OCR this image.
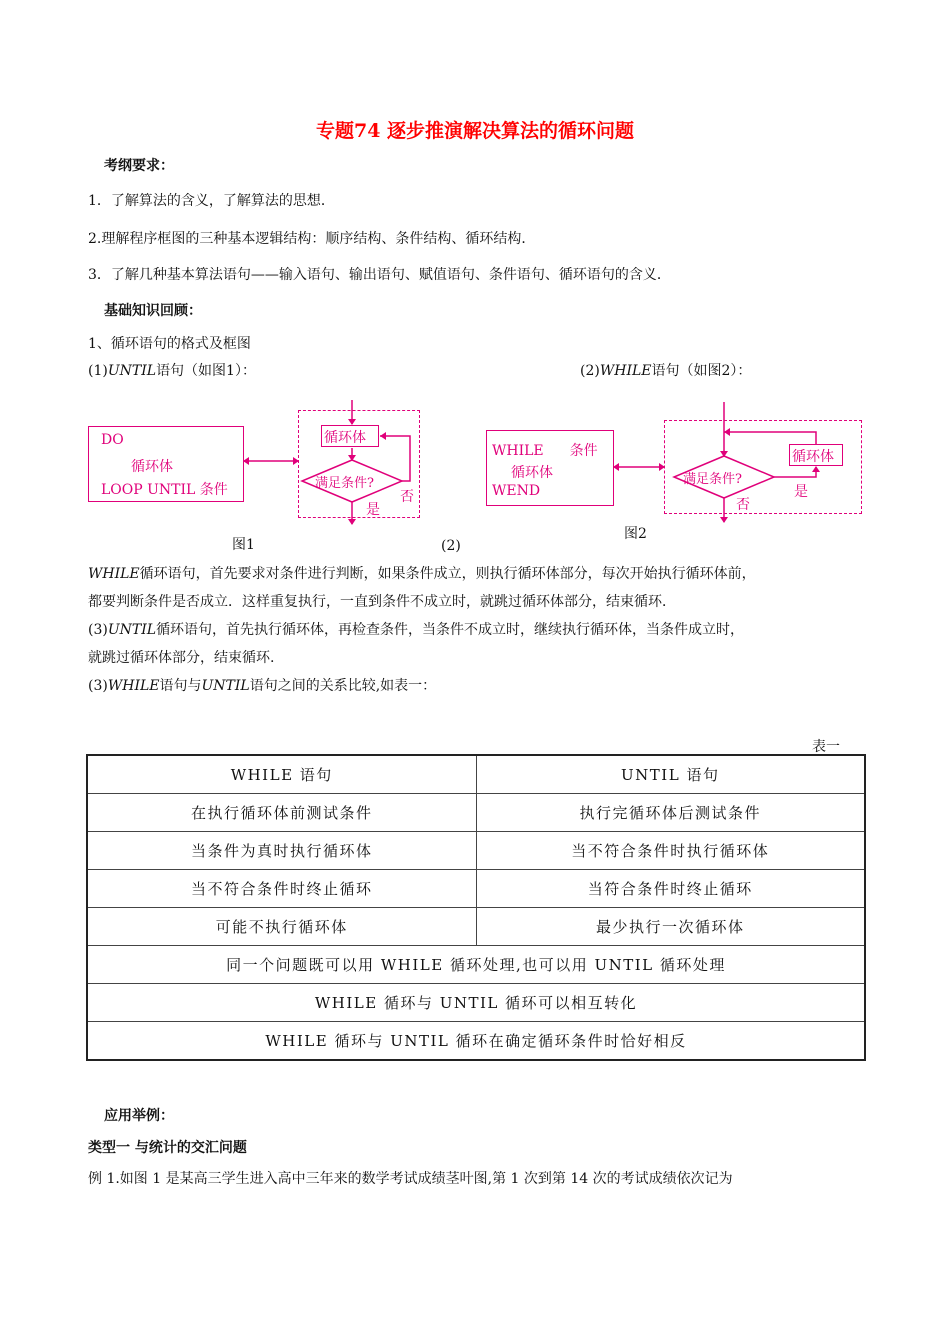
专题74 逐步推演解决算法的循环问题
考纲要求：
1．了解算法的含义，了解算法的思想．
2.理解程序框图的三种基本逻辑结构：顺序结构、条件结构、循环结构．
3．了解几种基本算法语句——输入语句、输出语句、赋值语句、条件语句、循环语句的含义．
基础知识回顾：
1、循环语句的格式及框图
(1)UNTIL语句（如图1）：	(2)WHILE语句（如图2）：
DO
循环体
LOOP UNTIL 条件
循环体
满足条件?
否
是
图1	(2)
WHILE 条件
循环体
WEND
循环体
满足条件?
否
是
图2
WHILE循环语句，首先要求对条件进行判断，如果条件成立，则执行循环体部分，每次开始执行循环体前，
都要判断条件是否成立．这样重复执行，一直到条件不成立时，就跳过循环体部分，结束循环．
(3)UNTIL循环语句，首先执行循环体，再检查条件，当条件不成立时，继续执行循环体，当条件成立时，
就跳过循环体部分，结束循环.
(3)WHILE语句与UNTIL语句之间的关系比较,如表一：
表一
WHILE 语句	UNTIL 语句
在执行循环体前测试条件	执行完循环体后测试条件
当条件为真时执行循环体	当不符合条件时执行循环体
当不符合条件时终止循环	当符合条件时终止循环
可能不执行循环体	最少执行一次循环体
同一个问题既可以用 WHILE 循环处理,也可以用 UNTIL 循环处理	
WHILE 循环与 UNTIL 循环可以相互转化	
WHILE 循环与 UNTIL 循环在确定循环条件时恰好相反	
应用举例：
类型一 与统计的交汇问题
例 1.如图 1 是某高三学生进入高中三年来的数学考试成绩茎叶图,第 1 次到第 14 次的考试成绩依次记为
